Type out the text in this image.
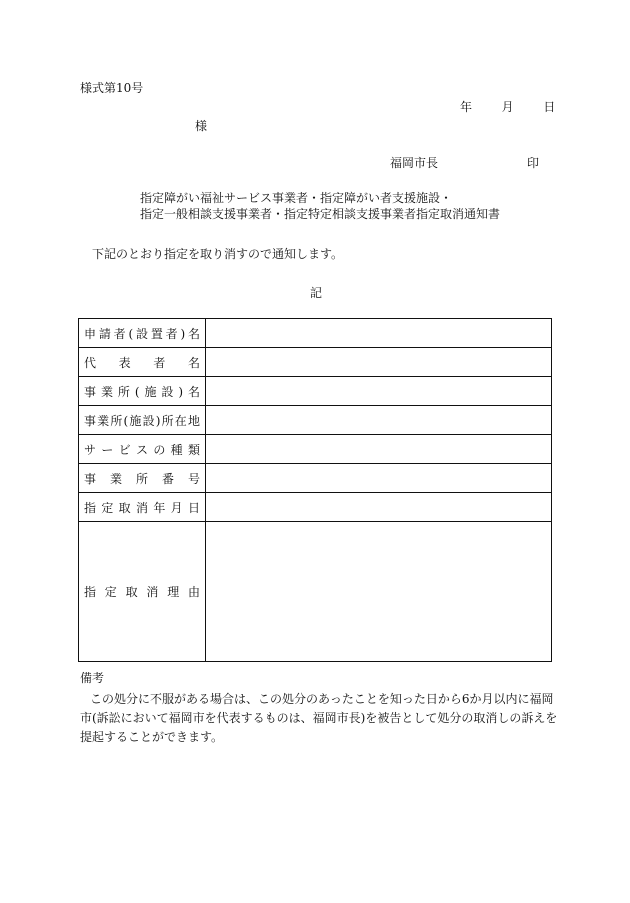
様式第10号
年 月 日
様
福岡市長	印
指定障がい福祉サービス事業者・指定障がい者支援施設・
指定一般相談支援事業者・指定特定相談支援事業者指定取消通知書
下記のとおり指定を取り消すので通知します。
記
申請者(設置者)名	
代表者名	
事業所(施設)名	
事業所(施設)所在地	
サービスの種類	
事業所番号	
指定取消年月日	
指定取消理由	
備考
この処分に不服がある場合は、この処分のあったことを知った日から6か月以内に福岡市(訴訟において福岡市を代表するものは、福岡市長)を被告として処分の取消しの訴えを提起することができます。
